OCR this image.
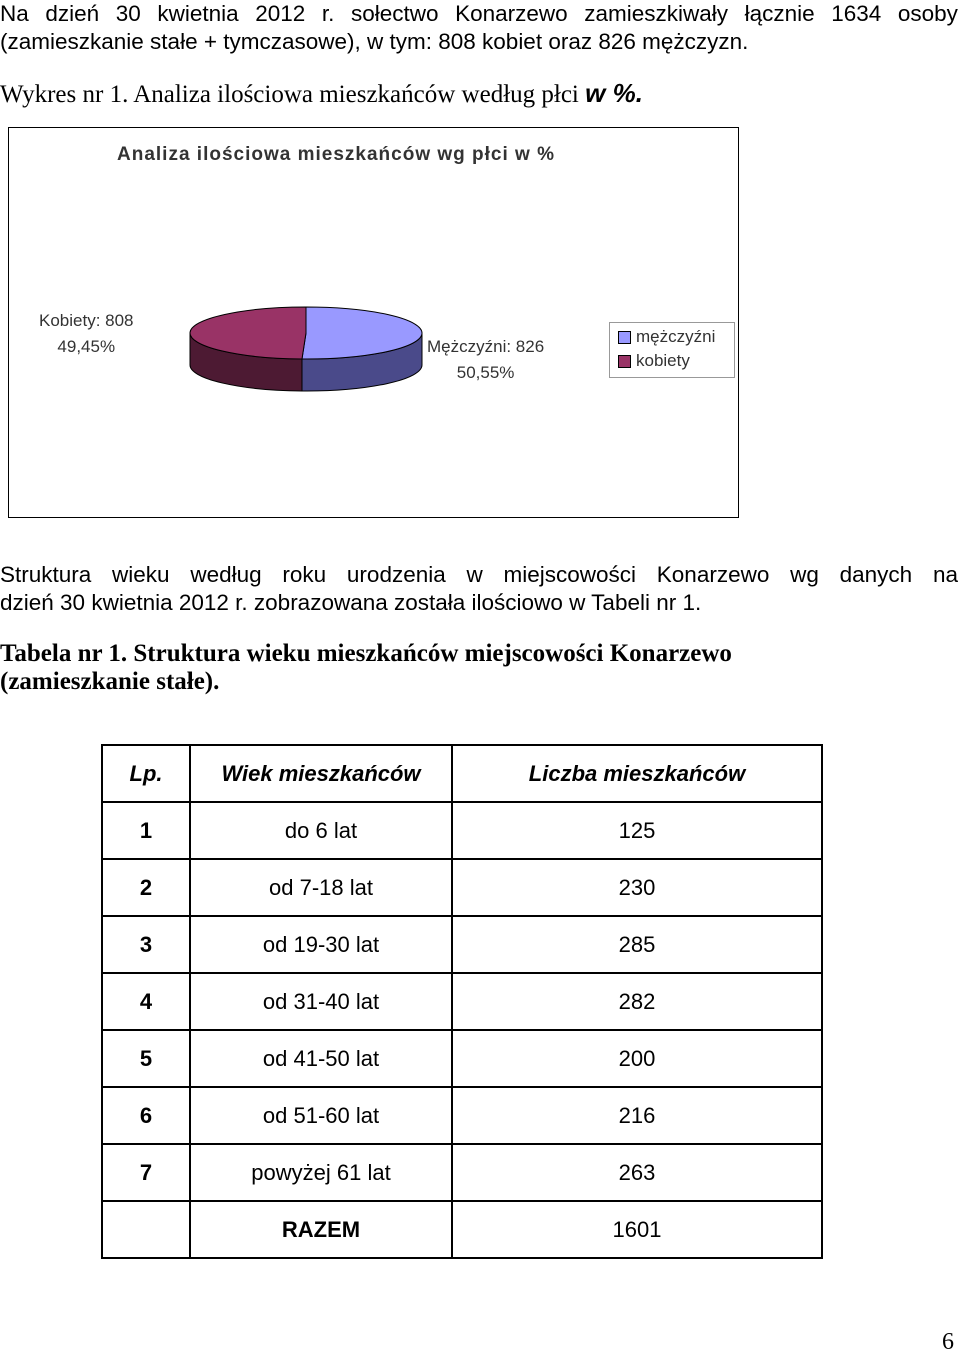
Na dzień 30 kwietnia 2012 r. sołectwo Konarzewo zamieszkiwały łącznie 1634 osoby
(zamieszkanie stałe + tymczasowe), w tym: 808 kobiet oraz 826 mężczyzn.
Wykres nr 1. Analiza ilościowa mieszkańców według płci w %.
Analiza ilościowa mieszkańców wg płci w %
Kobiety: 808
49,45%	Mężczyźni: 826
50,55%
mężczyźni
kobiety
Struktura wieku według roku urodzenia w miejscowości Konarzewo wg danych na
dzień 30 kwietnia 2012 r. zobrazowana została ilościowo w Tabeli nr 1.
Tabela nr 1. Struktura wieku mieszkańców miejscowości Konarzewo
(zamieszkanie stałe).
Lp.	Wiek mieszkańców	Liczba mieszkańców
1	do 6 lat	125
2	od 7-18 lat	230
3	od 19-30 lat	285
4	od 31-40 lat	282
5	od 41-50 lat	200
6	od 51-60 lat	216
7	powyżej 61 lat	263
	RAZEM	1601
6
